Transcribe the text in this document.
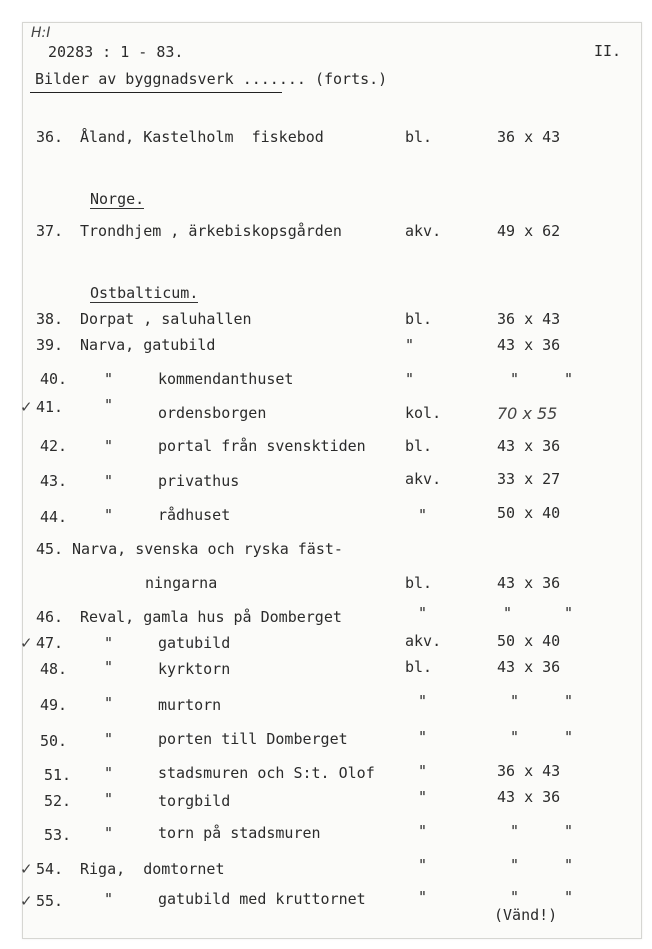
H:I
20283 : 1 - 83.	II.
Bilder av byggnadsverk ....... (forts.)
36. Åland, Kastelholm  fiskebod	bl.	36 x 43
Norge.
37. Trondhjem , ärkebiskopsgården	akv.	49 x 62
Ostbalticum.
38. Dorpat , saluhallen	bl.	36 x 43
39. Narva, gatubild	"	43 x 36
40. "	kommendanthuset	"	"	"
✓ 41.	"	ordensborgen	kol.	70 x 55
42. "	portal från svensktiden	bl.	43 x 36
43. "	privathus	akv.	33 x 27
44. "	rådhuset	"	50 x 40
45. Narva, svenska och ryska fäst-
ningarna	bl.	43 x 36
46. Reval, gamla hus på Domberget	"	"	"
✓ 47.	"	gatubild	akv.	50 x 40
48. "	kyrktorn	bl.	43 x 36
49. "	murtorn	"	"	"
50. "	porten till Domberget	"	"	"
51. "	stadsmuren och S:t. Olof	"	36 x 43
52. "	torgbild	"	43 x 36
53. "	torn på stadsmuren	"	"	"
✓ 54. Riga,  domtornet	"	"	"
✓ 55.	"	gatubild med kruttornet	"	"	"
(Vänd!)
